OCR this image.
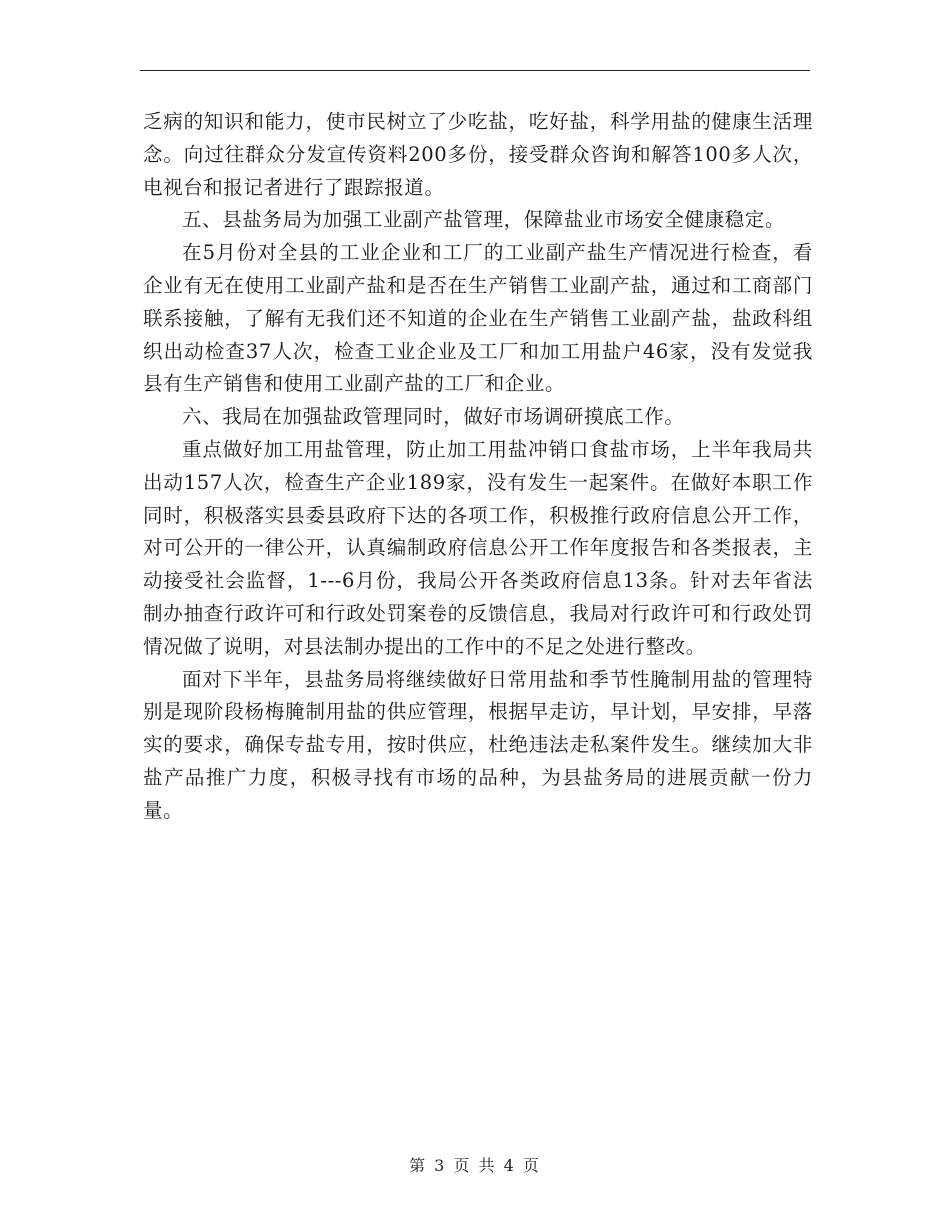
乏病的知识和能力，使市民树立了少吃盐，吃好盐，科学用盐的健康生活理念。向过往群众分发宣传资料200多份，接受群众咨询和解答100多人次，电视台和报记者进行了跟踪报道。

五、县盐务局为加强工业副产盐管理，保障盐业市场安全健康稳定。

在5月份对全县的工业企业和工厂的工业副产盐生产情况进行检查，看企业有无在使用工业副产盐和是否在生产销售工业副产盐，通过和工商部门联系接触，了解有无我们还不知道的企业在生产销售工业副产盐，盐政科组织出动检查37人次，检查工业企业及工厂和加工用盐户46家，没有发觉我县有生产销售和使用工业副产盐的工厂和企业。

六、我局在加强盐政管理同时，做好市场调研摸底工作。

重点做好加工用盐管理，防止加工用盐冲销口食盐市场，上半年我局共出动157人次，检查生产企业189家，没有发生一起案件。在做好本职工作同时，积极落实县委县政府下达的各项工作，积极推行政府信息公开工作，对可公开的一律公开，认真编制政府信息公开工作年度报告和各类报表，主动接受社会监督，1---6月份，我局公开各类政府信息13条。针对去年省法制办抽查行政许可和行政处罚案卷的反馈信息，我局对行政许可和行政处罚情况做了说明，对县法制办提出的工作中的不足之处进行整改。

面对下半年，县盐务局将继续做好日常用盐和季节性腌制用盐的管理特别是现阶段杨梅腌制用盐的供应管理，根据早走访，早计划，早安排，早落实的要求，确保专盐专用，按时供应，杜绝违法走私案件发生。继续加大非盐产品推广力度，积极寻找有市场的品种，为县盐务局的进展贡献一份力量。

第 3 页 共 4 页
